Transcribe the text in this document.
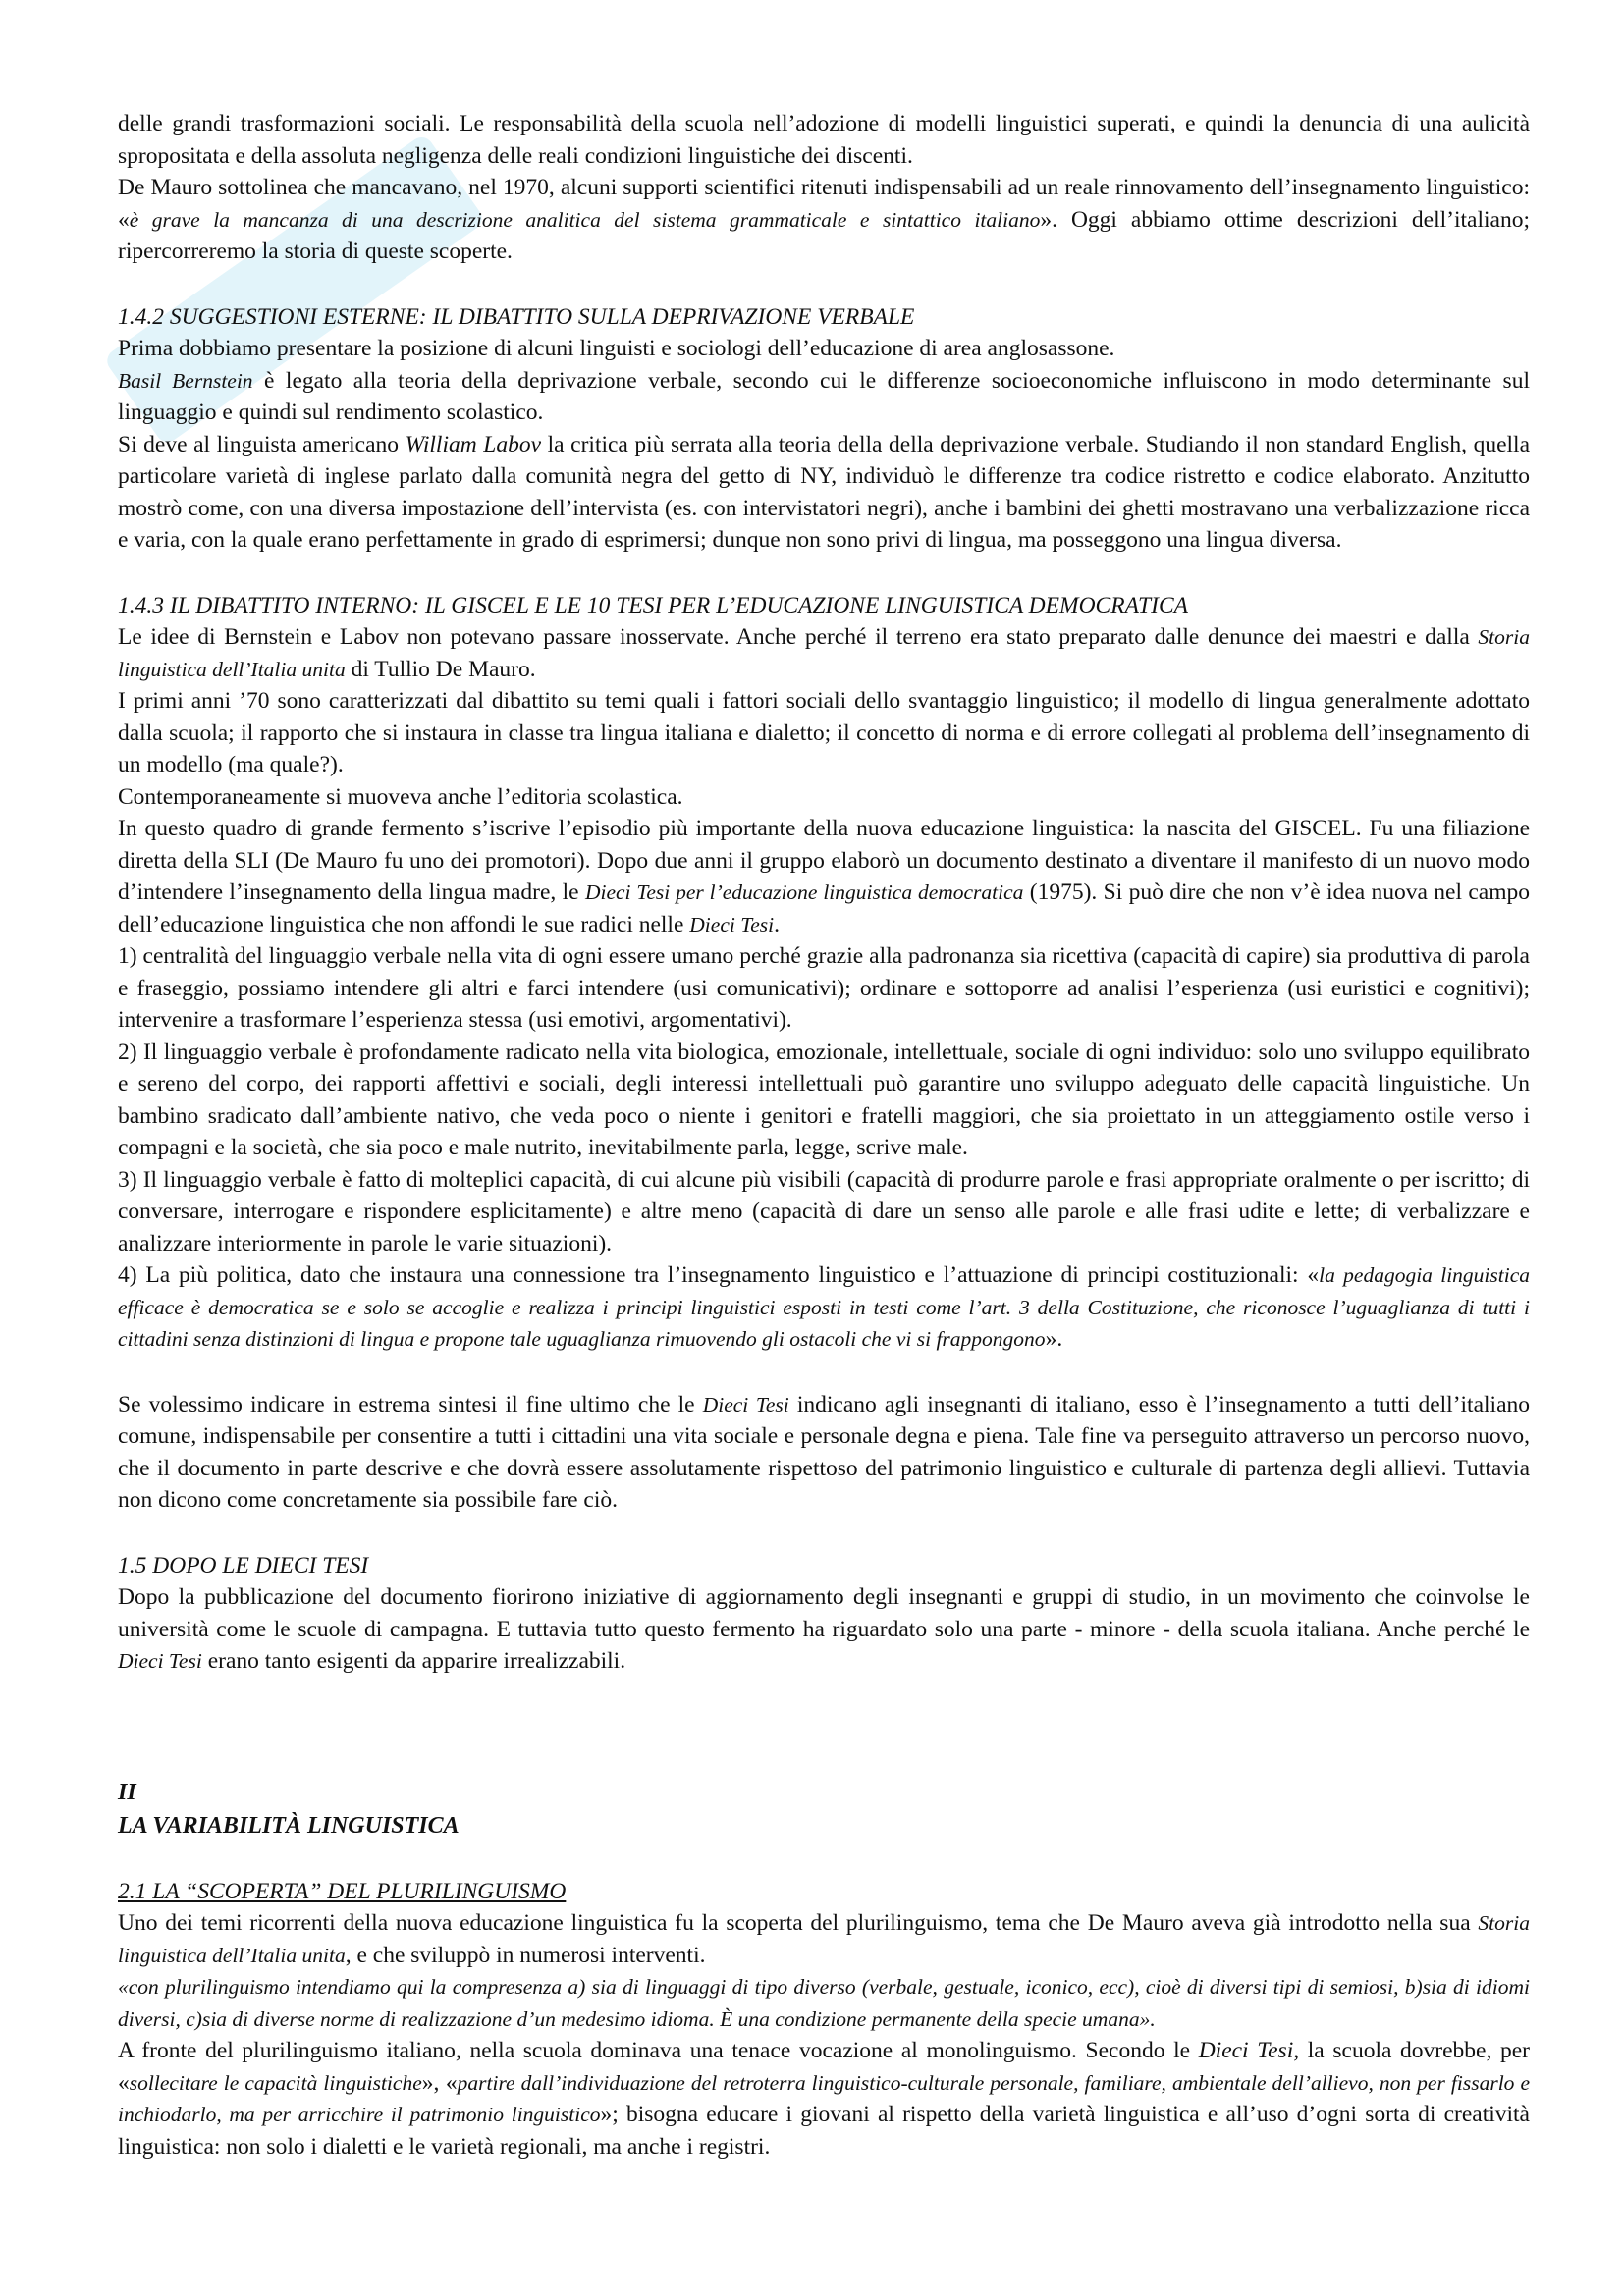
delle grandi trasformazioni sociali. Le responsabilità della scuola nell’adozione di modelli linguistici superati, e quindi la denuncia di una aulicità spropositata e della assoluta negligenza delle reali condizioni linguistiche dei discenti.

De Mauro sottolinea che mancavano, nel 1970, alcuni supporti scientifici ritenuti indispensabili ad un reale rinnovamento dell’insegnamento linguistico: «è grave la mancanza di una descrizione analitica del sistema grammaticale e sintattico italiano». Oggi abbiamo ottime descrizioni dell’italiano; ripercorreremo la storia di queste scoperte.

1.4.2 SUGGESTIONI ESTERNE: IL DIBATTITO SULLA DEPRIVAZIONE VERBALE

Prima dobbiamo presentare la posizione di alcuni linguisti e sociologi dell’educazione di area anglosassone.

Basil Bernstein è legato alla teoria della deprivazione verbale, secondo cui le differenze socioeconomiche influiscono in modo determinante sul linguaggio e quindi sul rendimento scolastico.

Si deve al linguista americano William Labov la critica più serrata alla teoria della della deprivazione verbale. Studiando il non standard English, quella particolare varietà di inglese parlato dalla comunità negra del getto di NY, individuò le differenze tra codice ristretto e codice elaborato. Anzitutto mostrò come, con una diversa impostazione dell’intervista (es. con intervistatori negri), anche i bambini dei ghetti mostravano una verbalizzazione ricca e varia, con la quale erano perfettamente in grado di esprimersi; dunque non sono privi di lingua, ma posseggono una lingua diversa.

1.4.3 IL DIBATTITO INTERNO: IL GISCEL E LE 10 TESI PER L’EDUCAZIONE LINGUISTICA DEMOCRATICA

Le idee di Bernstein e Labov non potevano passare inosservate. Anche perché il terreno era stato preparato dalle denunce dei maestri e dalla Storia linguistica dell’Italia unita di Tullio De Mauro.

I primi anni ’70 sono caratterizzati dal dibattito su temi quali i fattori sociali dello svantaggio linguistico; il modello di lingua generalmente adottato dalla scuola; il rapporto che si instaura in classe tra lingua italiana e dialetto; il concetto di norma e di errore collegati al problema dell’insegnamento di un modello (ma quale?).

Contemporaneamente si muoveva anche l’editoria scolastica.

In questo quadro di grande fermento s’iscrive l’episodio più importante della nuova educazione linguistica: la nascita del GISCEL. Fu una filiazione diretta della SLI (De Mauro fu uno dei promotori). Dopo due anni il gruppo elaborò un documento destinato a diventare il manifesto di un nuovo modo d’intendere l’insegnamento della lingua madre, le Dieci Tesi per l’educazione linguistica democratica (1975). Si può dire che non v’è idea nuova nel campo dell’educazione linguistica che non affondi le sue radici nelle Dieci Tesi.

1) centralità del linguaggio verbale nella vita di ogni essere umano perché grazie alla padronanza sia ricettiva (capacità di capire) sia produttiva di parola e fraseggio, possiamo intendere gli altri e farci intendere (usi comunicativi); ordinare e sottoporre ad analisi l’esperienza (usi euristici e cognitivi); intervenire a trasformare l’esperienza stessa (usi emotivi, argomentativi).

2) Il linguaggio verbale è profondamente radicato nella vita biologica, emozionale, intellettuale, sociale di ogni individuo: solo uno sviluppo equilibrato e sereno del corpo, dei rapporti affettivi e sociali, degli interessi intellettuali può garantire uno sviluppo adeguato delle capacità linguistiche. Un bambino sradicato dall’ambiente nativo, che veda poco o niente i genitori e fratelli maggiori, che sia proiettato in un atteggiamento ostile verso i compagni e la società, che sia poco e male nutrito, inevitabilmente parla, legge, scrive male.

3) Il linguaggio verbale è fatto di molteplici capacità, di cui alcune più visibili (capacità di produrre parole e frasi appropriate oralmente o per iscritto; di conversare, interrogare e rispondere esplicitamente) e altre meno (capacità di dare un senso alle parole e alle frasi udite e lette; di verbalizzare e analizzare interiormente in parole le varie situazioni).

4) La più politica, dato che instaura una connessione tra l’insegnamento linguistico e l’attuazione di principi costituzionali: «la pedagogia linguistica efficace è democratica se e solo se accoglie e realizza i principi linguistici esposti in testi come l’art. 3 della Costituzione, che riconosce l’uguaglianza di tutti i cittadini senza distinzioni di lingua e propone tale uguaglianza rimuovendo gli ostacoli che vi si frappongono».

Se volessimo indicare in estrema sintesi il fine ultimo che le Dieci Tesi indicano agli insegnanti di italiano, esso è l’insegnamento a tutti dell’italiano comune, indispensabile per consentire a tutti i cittadini una vita sociale e personale degna e piena. Tale fine va perseguito attraverso un percorso nuovo, che il documento in parte descrive e che dovrà essere assolutamente rispettoso del patrimonio linguistico e culturale di partenza degli allievi. Tuttavia non dicono come concretamente sia possibile fare ciò.

1.5 DOPO LE DIECI TESI

Dopo la pubblicazione del documento fiorirono iniziative di aggiornamento degli insegnanti e gruppi di studio, in un movimento che coinvolse le università come le scuole di campagna. E tuttavia tutto questo fermento ha riguardato solo una parte - minore - della scuola italiana. Anche perché le Dieci Tesi erano tanto esigenti da apparire irrealizzabili.

II

LA VARIABILITÀ LINGUISTICA

2.1 LA “SCOPERTA” DEL PLURILINGUISMO

Uno dei temi ricorrenti della nuova educazione linguistica fu la scoperta del plurilinguismo, tema che De Mauro aveva già introdotto nella sua Storia linguistica dell’Italia unita, e che sviluppò in numerosi interventi.

«con plurilinguismo intendiamo qui la compresenza a) sia di linguaggi di tipo diverso (verbale, gestuale, iconico, ecc), cioè di diversi tipi di semiosi, b)sia di idiomi diversi, c)sia di diverse norme di realizzazione d’un medesimo idioma. È una condizione permanente della specie umana».

A fronte del plurilinguismo italiano, nella scuola dominava una tenace vocazione al monolinguismo. Secondo le Dieci Tesi, la scuola dovrebbe, per «sollecitare le capacità linguistiche», «partire dall’individuazione del retroterra linguistico-culturale personale, familiare, ambientale dell’allievo, non per fissarlo e inchiodarlo, ma per arricchire il patrimonio linguistico»; bisogna educare i giovani al rispetto della varietà linguistica e all’uso d’ogni sorta di creatività linguistica: non solo i dialetti e le varietà regionali, ma anche i registri.
